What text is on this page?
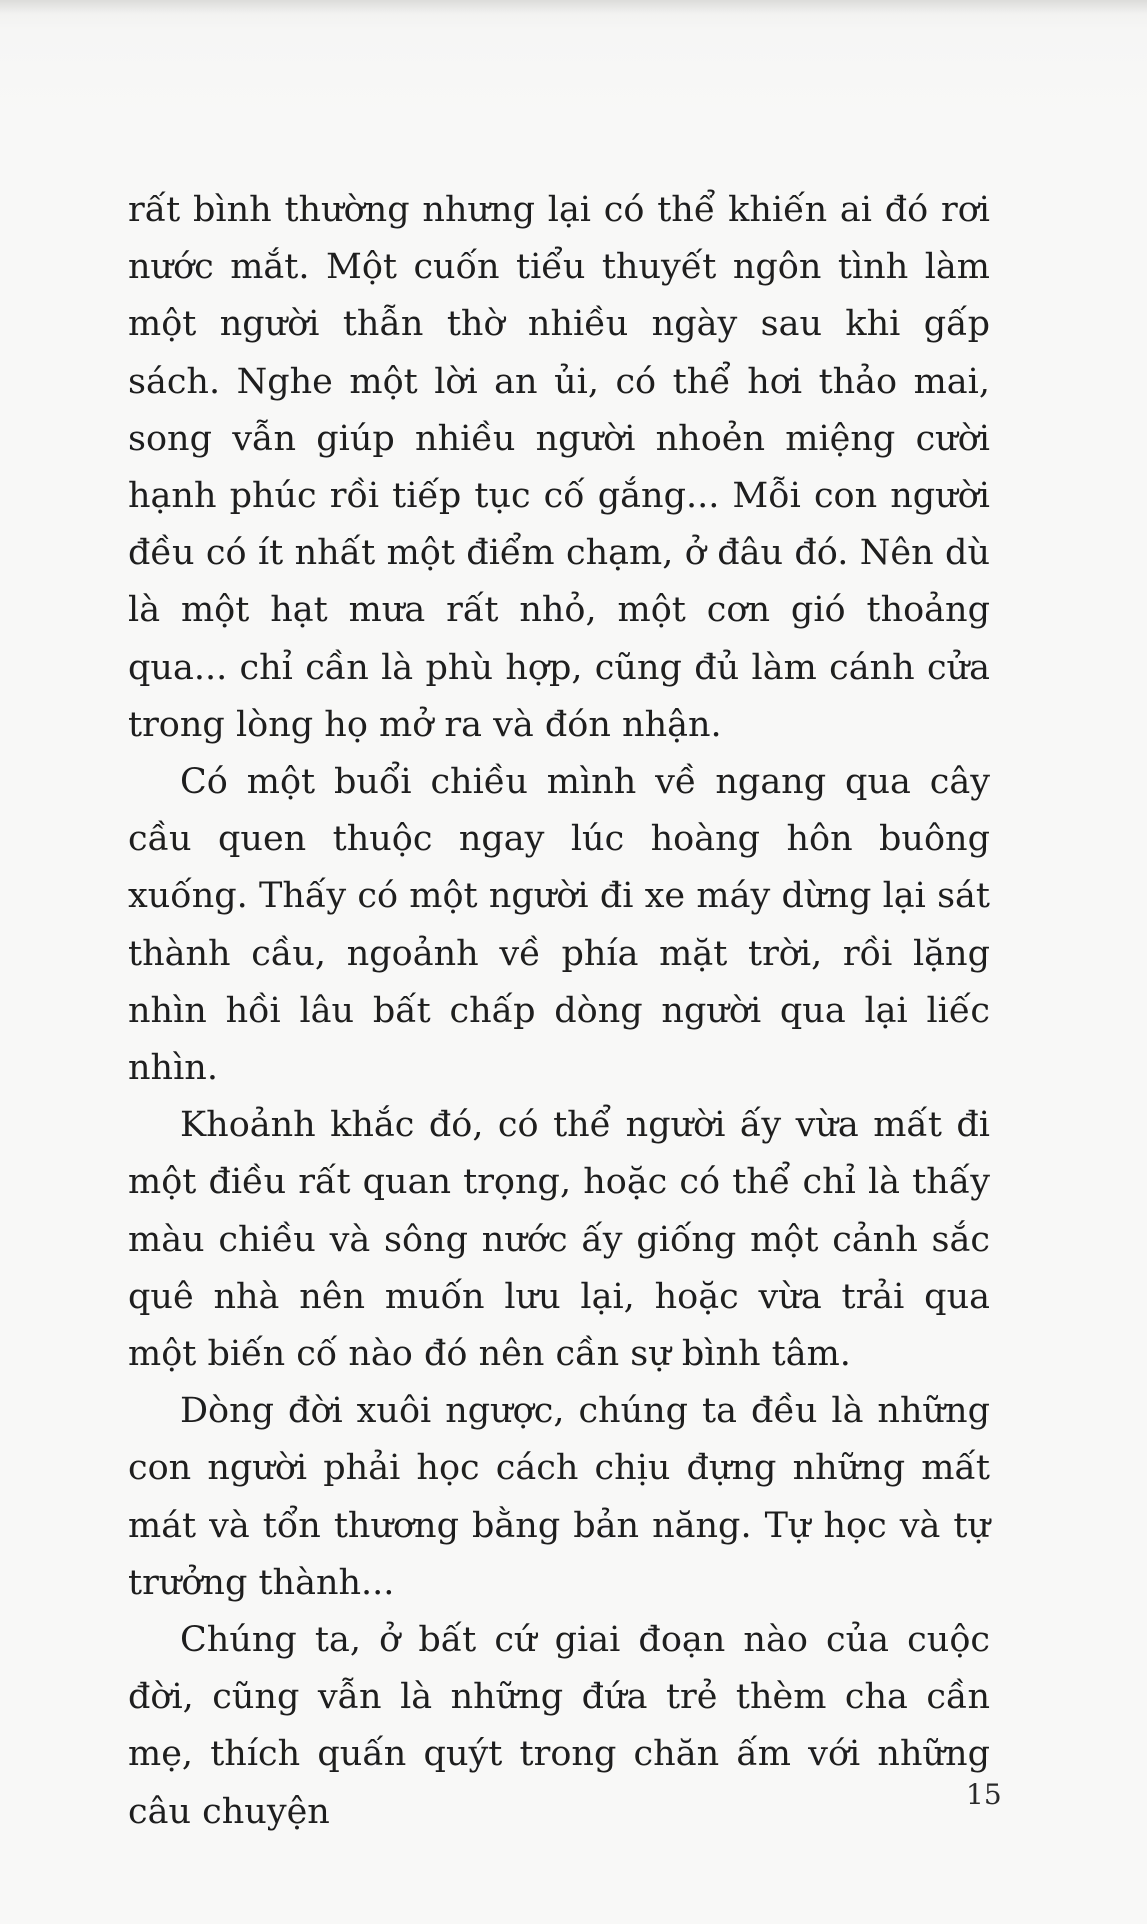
rất bình thường nhưng lại có thể khiến ai đó rơi nước mắt. Một cuốn tiểu thuyết ngôn tình làm một người thẫn thờ nhiều ngày sau khi gấp sách. Nghe một lời an ủi, có thể hơi thảo mai, song vẫn giúp nhiều người nhoẻn miệng cười hạnh phúc rồi tiếp tục cố gắng... Mỗi con người đều có ít nhất một điểm chạm, ở đâu đó. Nên dù là một hạt mưa rất nhỏ, một cơn gió thoảng qua... chỉ cần là phù hợp, cũng đủ làm cánh cửa trong lòng họ mở ra và đón nhận.

Có một buổi chiều mình về ngang qua cây cầu quen thuộc ngay lúc hoàng hôn buông xuống. Thấy có một người đi xe máy dừng lại sát thành cầu, ngoảnh về phía mặt trời, rồi lặng nhìn hồi lâu bất chấp dòng người qua lại liếc nhìn.

Khoảnh khắc đó, có thể người ấy vừa mất đi một điều rất quan trọng, hoặc có thể chỉ là thấy màu chiều và sông nước ấy giống một cảnh sắc quê nhà nên muốn lưu lại, hoặc vừa trải qua một biến cố nào đó nên cần sự bình tâm.

Dòng đời xuôi ngược, chúng ta đều là những con người phải học cách chịu đựng những mất mát và tổn thương bằng bản năng. Tự học và tự trưởng thành...

Chúng ta, ở bất cứ giai đoạn nào của cuộc đời, cũng vẫn là những đứa trẻ thèm cha cần mẹ, thích quấn quýt trong chăn ấm với những câu chuyện	15
